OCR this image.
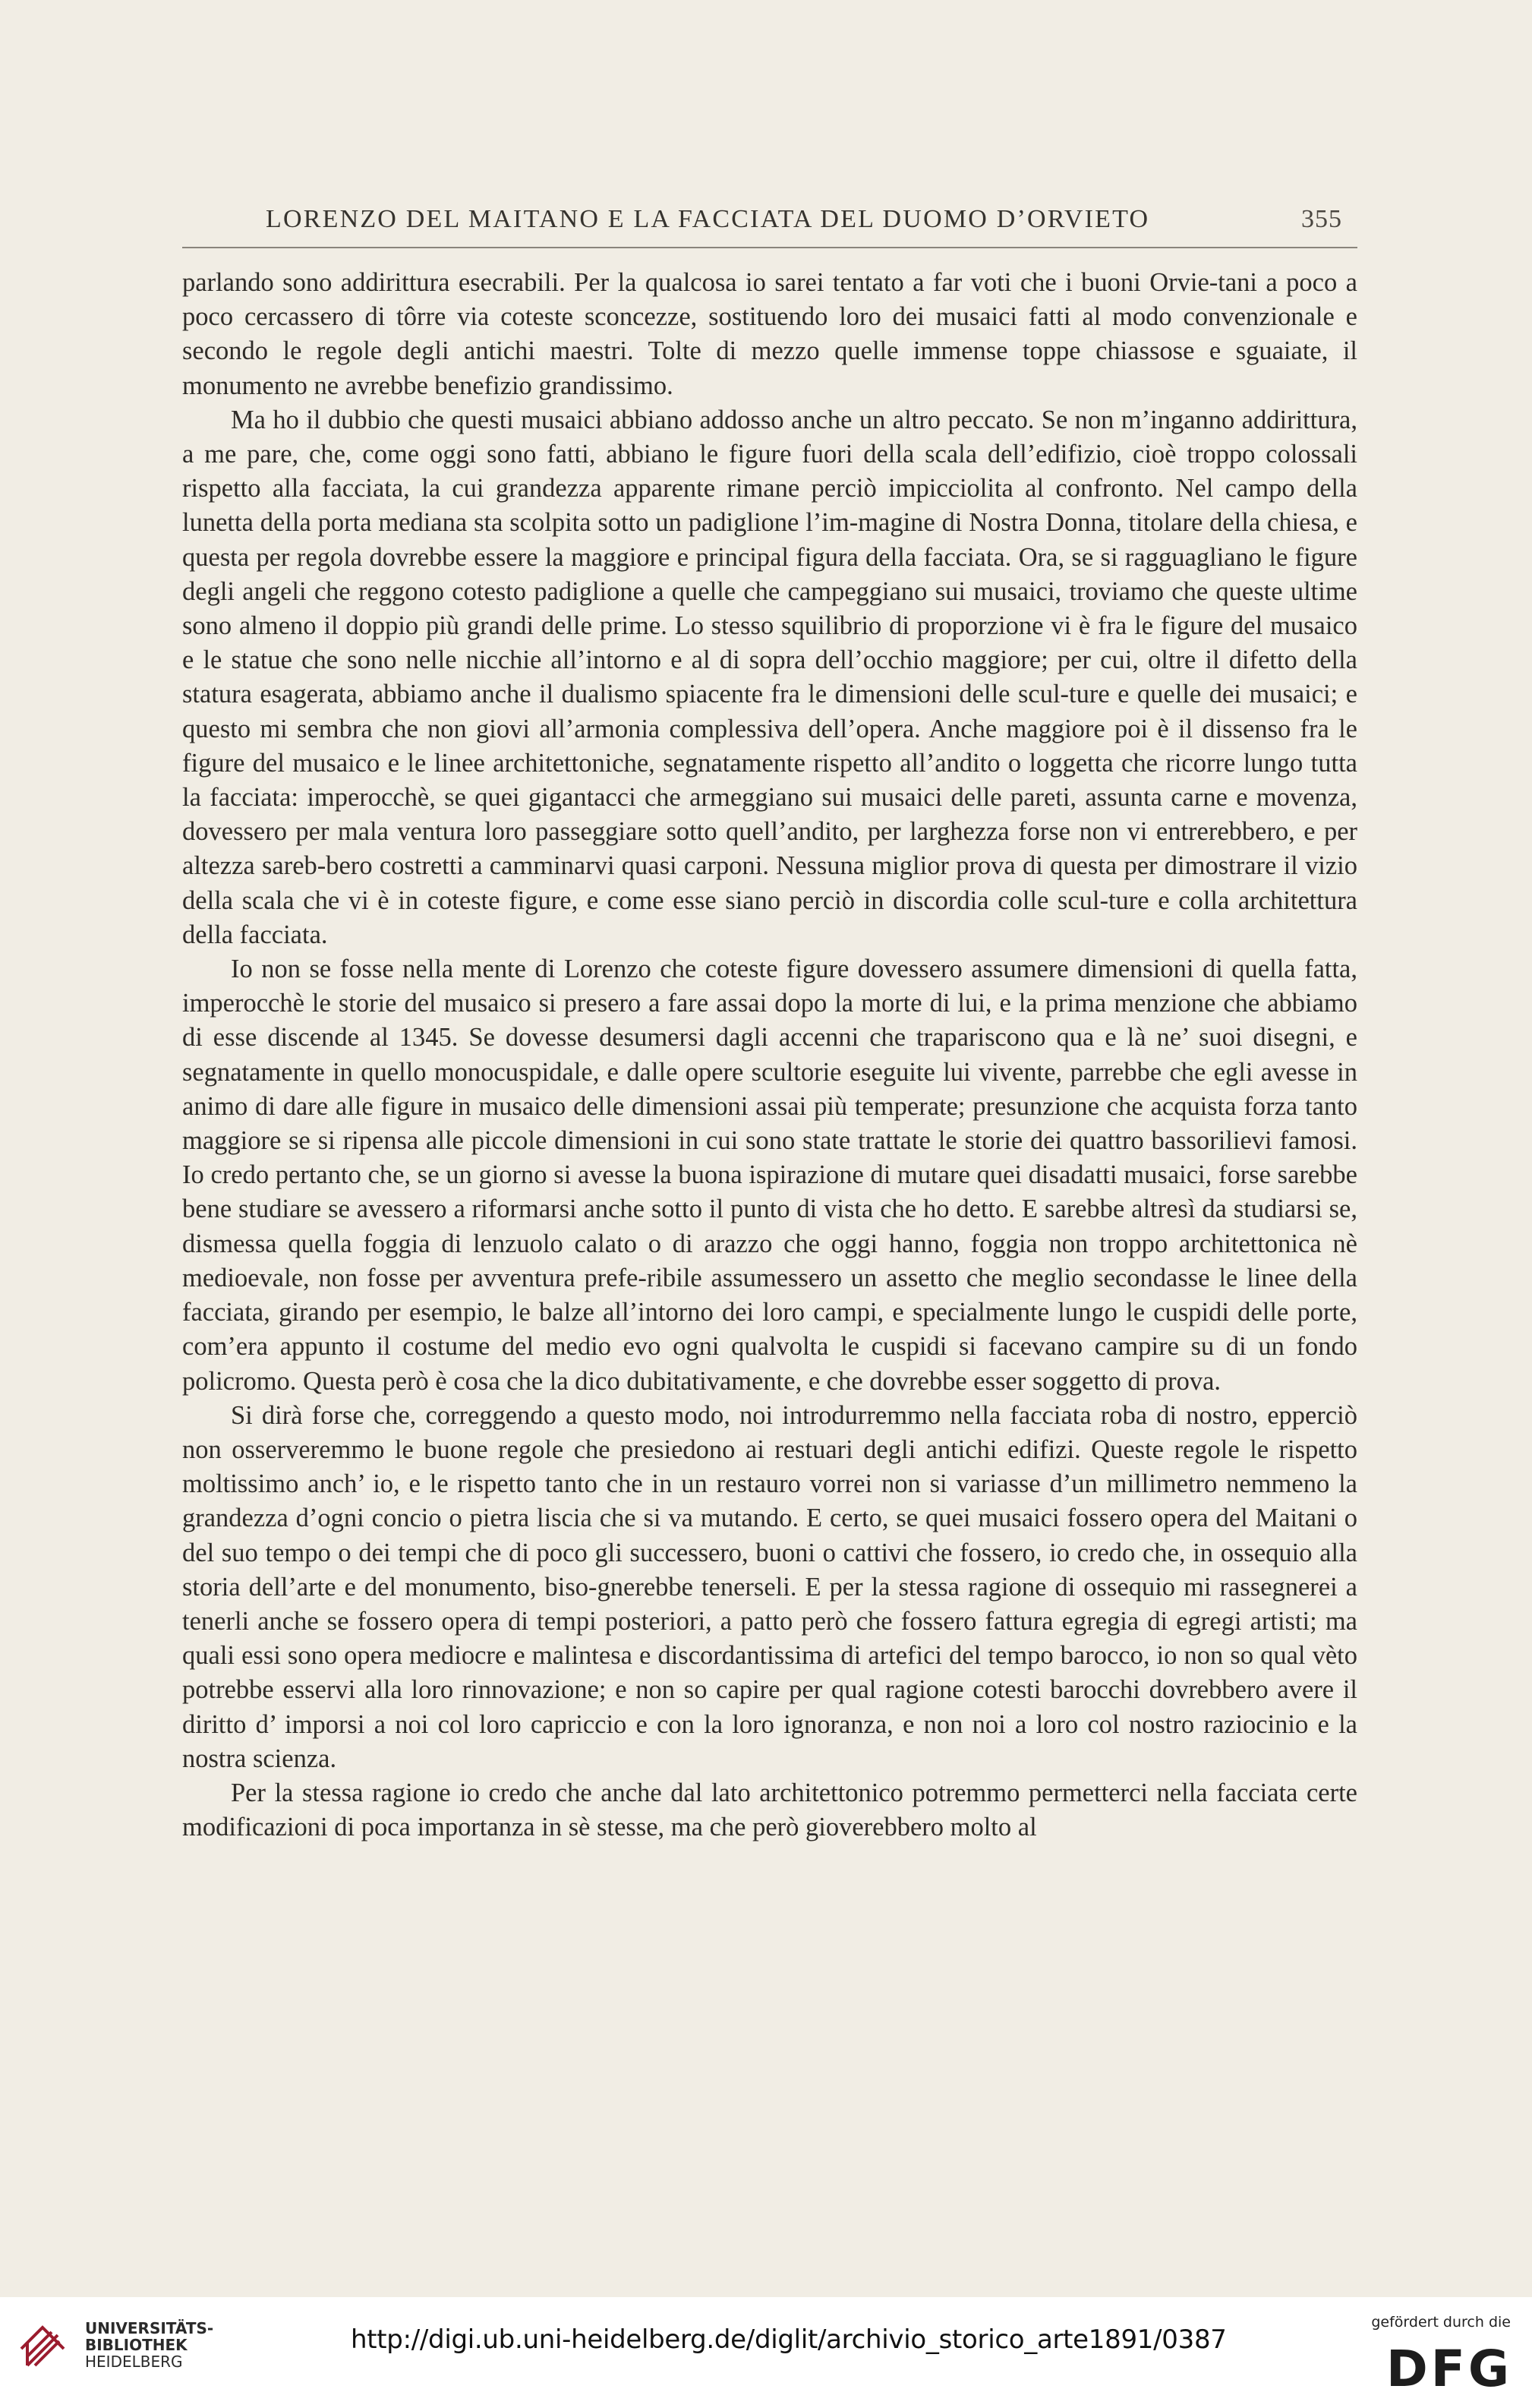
LORENZO DEL MAITANO E LA FACCIATA DEL DUOMO D’ORVIETO	355

parlando sono addirittura esecrabili. Per la qualcosa io sarei tentato a far voti che i buoni Orvie-tani a poco a poco cercassero di tôrre via coteste sconcezze, sostituendo loro dei musaici fatti al modo convenzionale e secondo le regole degli antichi maestri. Tolte di mezzo quelle immense toppe chiassose e sguaiate, il monumento ne avrebbe benefizio grandissimo.

Ma ho il dubbio che questi musaici abbiano addosso anche un altro peccato. Se non m’inganno addirittura, a me pare, che, come oggi sono fatti, abbiano le figure fuori della scala dell’edifizio, cioè troppo colossali rispetto alla facciata, la cui grandezza apparente rimane perciò impicciolita al confronto. Nel campo della lunetta della porta mediana sta scolpita sotto un padiglione l’im-magine di Nostra Donna, titolare della chiesa, e questa per regola dovrebbe essere la maggiore e principal figura della facciata. Ora, se si ragguagliano le figure degli angeli che reggono cotesto padiglione a quelle che campeggiano sui musaici, troviamo che queste ultime sono almeno il doppio più grandi delle prime. Lo stesso squilibrio di proporzione vi è fra le figure del musaico e le statue che sono nelle nicchie all’intorno e al di sopra dell’occhio maggiore; per cui, oltre il difetto della statura esagerata, abbiamo anche il dualismo spiacente fra le dimensioni delle scul-ture e quelle dei musaici; e questo mi sembra che non giovi all’armonia complessiva dell’opera. Anche maggiore poi è il dissenso fra le figure del musaico e le linee architettoniche, segnatamente rispetto all’andito o loggetta che ricorre lungo tutta la facciata: imperocchè, se quei gigantacci che armeggiano sui musaici delle pareti, assunta carne e movenza, dovessero per mala ventura loro passeggiare sotto quell’andito, per larghezza forse non vi entrerebbero, e per altezza sareb-bero costretti a camminarvi quasi carponi. Nessuna miglior prova di questa per dimostrare il vizio della scala che vi è in coteste figure, e come esse siano perciò in discordia colle scul-ture e colla architettura della facciata.

Io non se fosse nella mente di Lorenzo che coteste figure dovessero assumere dimensioni di quella fatta, imperocchè le storie del musaico si presero a fare assai dopo la morte di lui, e la prima menzione che abbiamo di esse discende al 1345. Se dovesse desumersi dagli accenni che trapariscono qua e là ne’ suoi disegni, e segnatamente in quello monocuspidale, e dalle opere scultorie eseguite lui vivente, parrebbe che egli avesse in animo di dare alle figure in musaico delle dimensioni assai più temperate; presunzione che acquista forza tanto maggiore se si ripensa alle piccole dimensioni in cui sono state trattate le storie dei quattro bassorilievi famosi. Io credo pertanto che, se un giorno si avesse la buona ispirazione di mutare quei disadatti musaici, forse sarebbe bene studiare se avessero a riformarsi anche sotto il punto di vista che ho detto. E sarebbe altresì da studiarsi se, dismessa quella foggia di lenzuolo calato o di arazzo che oggi hanno, foggia non troppo architettonica nè medioevale, non fosse per avventura prefe-ribile assumessero un assetto che meglio secondasse le linee della facciata, girando per esempio, le balze all’intorno dei loro campi, e specialmente lungo le cuspidi delle porte, com’era appunto il costume del medio evo ogni qualvolta le cuspidi si facevano campire su di un fondo policromo. Questa però è cosa che la dico dubitativamente, e che dovrebbe esser soggetto di prova.

Si dirà forse che, correggendo a questo modo, noi introdurremmo nella facciata roba di nostro, epperciò non osserveremmo le buone regole che presiedono ai restuari degli antichi edifizi. Queste regole le rispetto moltissimo anch’ io, e le rispetto tanto che in un restauro vorrei non si variasse d’un millimetro nemmeno la grandezza d’ogni concio o pietra liscia che si va mutando. E certo, se quei musaici fossero opera del Maitani o del suo tempo o dei tempi che di poco gli successero, buoni o cattivi che fossero, io credo che, in ossequio alla storia dell’arte e del monumento, biso-gnerebbe tenerseli. E per la stessa ragione di ossequio mi rassegnerei a tenerli anche se fossero opera di tempi posteriori, a patto però che fossero fattura egregia di egregi artisti; ma quali essi sono opera mediocre e malintesa e discordantissima di artefici del tempo barocco, io non so qual vèto potrebbe esservi alla loro rinnovazione; e non so capire per qual ragione cotesti barocchi dovrebbero avere il diritto d’ imporsi a noi col loro capriccio e con la loro ignoranza, e non noi a loro col nostro raziocinio e la nostra scienza.

Per la stessa ragione io credo che anche dal lato architettonico potremmo permetterci nella facciata certe modificazioni di poca importanza in sè stesse, ma che però gioverebbero molto al

UNIVERSITÄTS-
BIBLIOTHEK
HEIDELBERG
http://digi.ub.uni-heidelberg.de/diglit/archivio_storico_arte1891/0387
gefördert durch die
DFG
